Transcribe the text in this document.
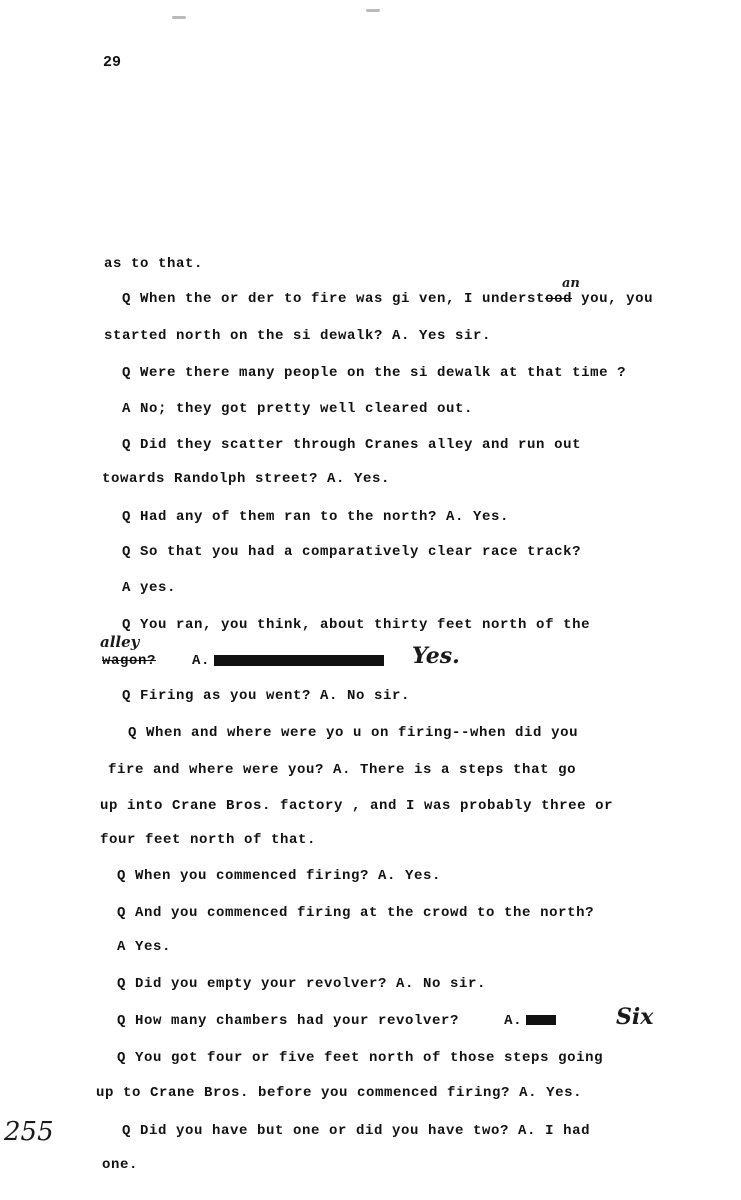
29
as to that.
Q When the or der to fire was gi ven, I understood you, you
an
started north on the si dewalk? A. Yes sir.
Q Were there many people on the si dewalk at that time ?
A No; they got pretty well cleared out.
Q Did they scatter through Cranes alley and run out
towards Randolph street? A. Yes.
Q Had any of them ran to the north? A. Yes.
Q So that you had a comparatively clear race track?
A yes.
Q You ran, you think, about thirty feet north of the
alley
wagon?	A.	Yes.
Q Firing as you went? A. No sir.
Q When and where were yo u on firing--when did you
fire and where were you? A. There is a steps that go
up into Crane Bros. factory , and I was probably three or
four feet north of that.
Q When you commenced firing? A. Yes.
Q And you commenced firing at the crowd to the north?
A Yes.
Q Did you empty your revolver? A. No sir.
Q How many chambers had your revolver?	A.	Six
Q You got four or five feet north of those steps going
up to Crane Bros. before you commenced firing? A. Yes.
Q Did you have but one or did you have two? A. I had
one.
255
